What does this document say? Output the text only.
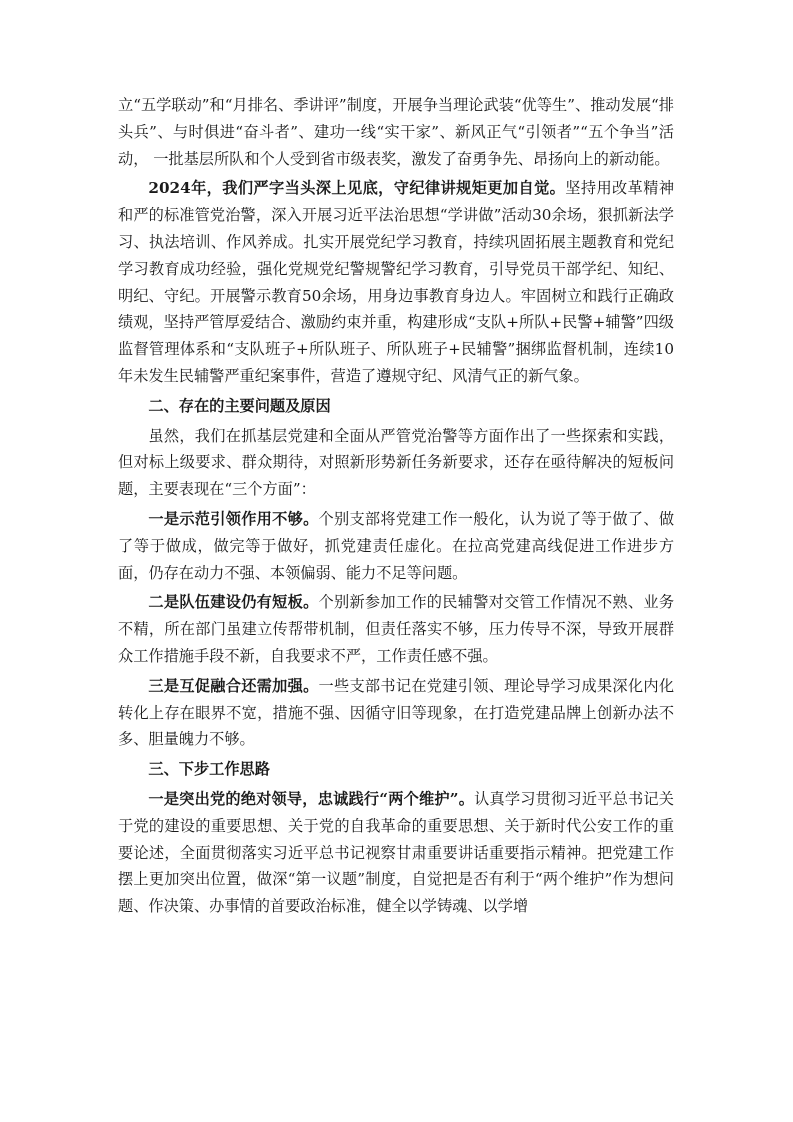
立“五学联动”和“月排名、季讲评”制度，开展争当理论武装“优等生”、推动发展“排头兵”、与时俱进“奋斗者”、建功一线“实干家”、新风正气“引领者”“五个争当”活动， 一批基层所队和个人受到省市级表奖，激发了奋勇争先、昂扬向上的新动能。

2024年，我们严字当头深上见底，守纪律讲规矩更加自觉。坚持用改革精神和严的标准管党治警，深入开展习近平法治思想“学讲做”活动30余场，狠抓新法学习、执法培训、作风养成。扎实开展党纪学习教育，持续巩固拓展主题教育和党纪学习教育成功经验，强化党规党纪警规警纪学习教育，引导党员干部学纪、知纪、明纪、守纪。开展警示教育50余场，用身边事教育身边人。牢固树立和践行正确政绩观，坚持严管厚爱结合、激励约束并重，构建形成“支队+所队+民警+辅警”四级监督管理体系和“支队班子+所队班子、所队班子+民辅警”捆绑监督机制，连续10年未发生民辅警严重纪案事件，营造了遵规守纪、风清气正的新气象。

二、存在的主要问题及原因

虽然，我们在抓基层党建和全面从严管党治警等方面作出了一些探索和实践，但对标上级要求、群众期待，对照新形势新任务新要求，还存在亟待解决的短板问题，主要表现在“三个方面”：

一是示范引领作用不够。个别支部将党建工作一般化，认为说了等于做了、做了等于做成，做完等于做好，抓党建责任虚化。在拉高党建高线促进工作进步方面，仍存在动力不强、本领偏弱、能力不足等问题。

二是队伍建设仍有短板。个别新参加工作的民辅警对交管工作情况不熟、业务不精，所在部门虽建立传帮带机制，但责任落实不够，压力传导不深，导致开展群众工作措施手段不新，自我要求不严，工作责任感不强。

三是互促融合还需加强。一些支部书记在党建引领、理论导学习成果深化内化转化上存在眼界不宽，措施不强、因循守旧等现象，在打造党建品牌上创新办法不多、胆量魄力不够。

三、下步工作思路

一是突出党的绝对领导，忠诚践行“两个维护”。认真学习贯彻习近平总书记关于党的建设的重要思想、关于党的自我革命的重要思想、关于新时代公安工作的重要论述，全面贯彻落实习近平总书记视察甘肃重要讲话重要指示精神。把党建工作摆上更加突出位置，做深“第一议题”制度，自觉把是否有利于“两个维护”作为想问题、作决策、办事情的首要政治标准，健全以学铸魂、以学增
